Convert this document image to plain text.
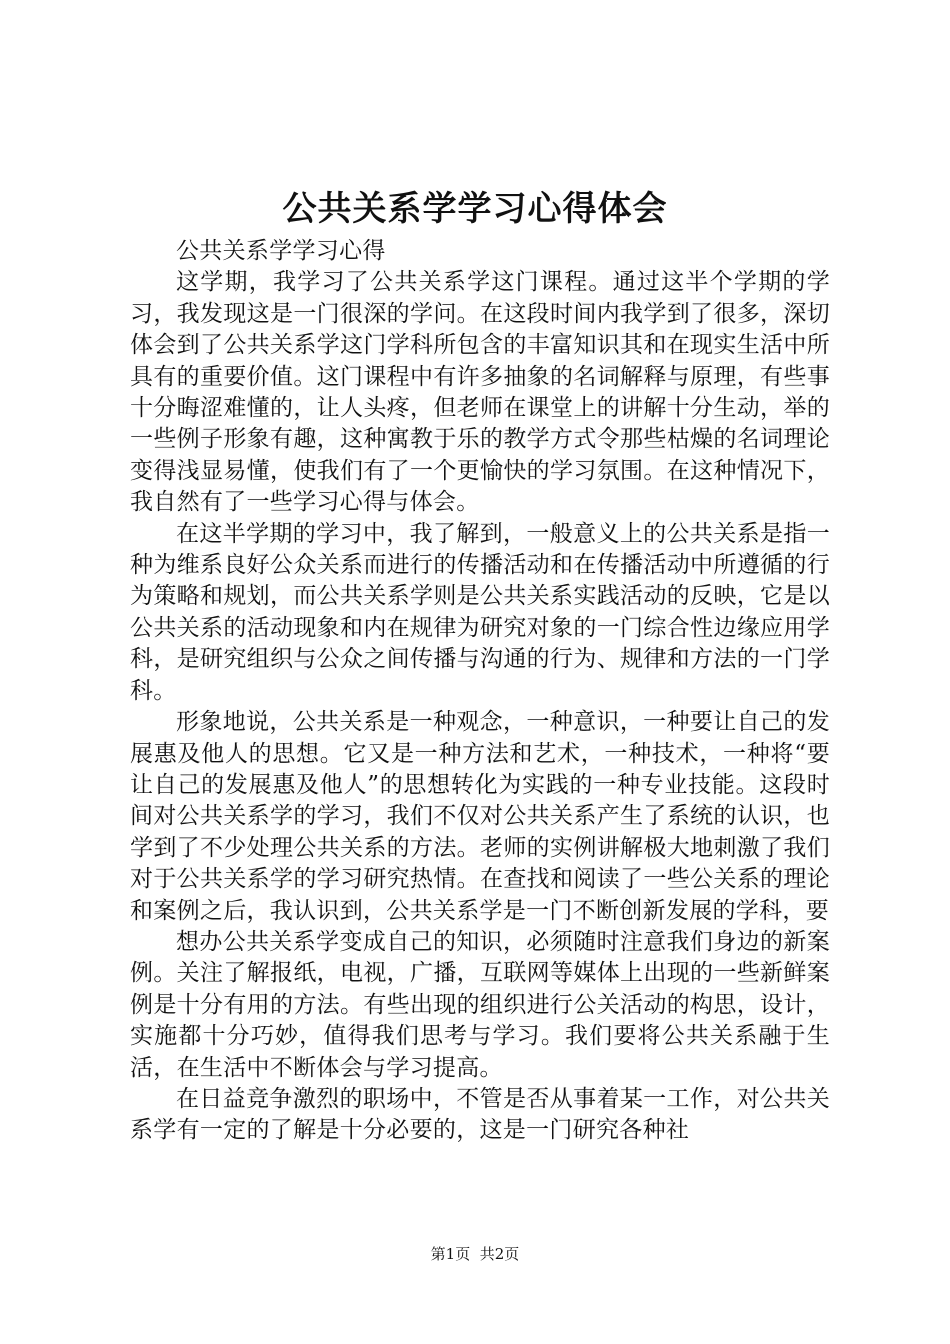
公共关系学学习心得体会

公共关系学学习心得

这学期，我学习了公共关系学这门课程。通过这半个学期的学习，我发现这是一门很深的学问。在这段时间内我学到了很多，深切体会到了公共关系学这门学科所包含的丰富知识其和在现实生活中所具有的重要价值。这门课程中有许多抽象的名词解释与原理，有些事十分晦涩难懂的，让人头疼，但老师在课堂上的讲解十分生动，举的一些例子形象有趣，这种寓教于乐的教学方式令那些枯燥的名词理论变得浅显易懂，使我们有了一个更愉快的学习氛围。在这种情况下，我自然有了一些学习心得与体会。

在这半学期的学习中，我了解到，一般意义上的公共关系是指一种为维系良好公众关系而进行的传播活动和在传播活动中所遵循的行为策略和规划，而公共关系学则是公共关系实践活动的反映，它是以公共关系的活动现象和内在规律为研究对象的一门综合性边缘应用学科，是研究组织与公众之间传播与沟通的行为、规律和方法的一门学科。

形象地说，公共关系是一种观念，一种意识，一种要让自己的发展惠及他人的思想。它又是一种方法和艺术，一种技术，一种将“要让自己的发展惠及他人”的思想转化为实践的一种专业技能。这段时间对公共关系学的学习，我们不仅对公共关系产生了系统的认识，也学到了不少处理公共关系的方法。老师的实例讲解极大地刺激了我们对于公共关系学的学习研究热情。在查找和阅读了一些公关系的理论和案例之后，我认识到，公共关系学是一门不断创新发展的学科，要

想办公共关系学变成自己的知识，必须随时注意我们身边的新案例。关注了解报纸，电视，广播，互联网等媒体上出现的一些新鲜案例是十分有用的方法。有些出现的组织进行公关活动的构思，设计，实施都十分巧妙，值得我们思考与学习。我们要将公共关系融于生活，在生活中不断体会与学习提高。

在日益竞争激烈的职场中，不管是否从事着某一工作，对公共关系学有一定的了解是十分必要的，这是一门研究各种社

第1页 共2页
